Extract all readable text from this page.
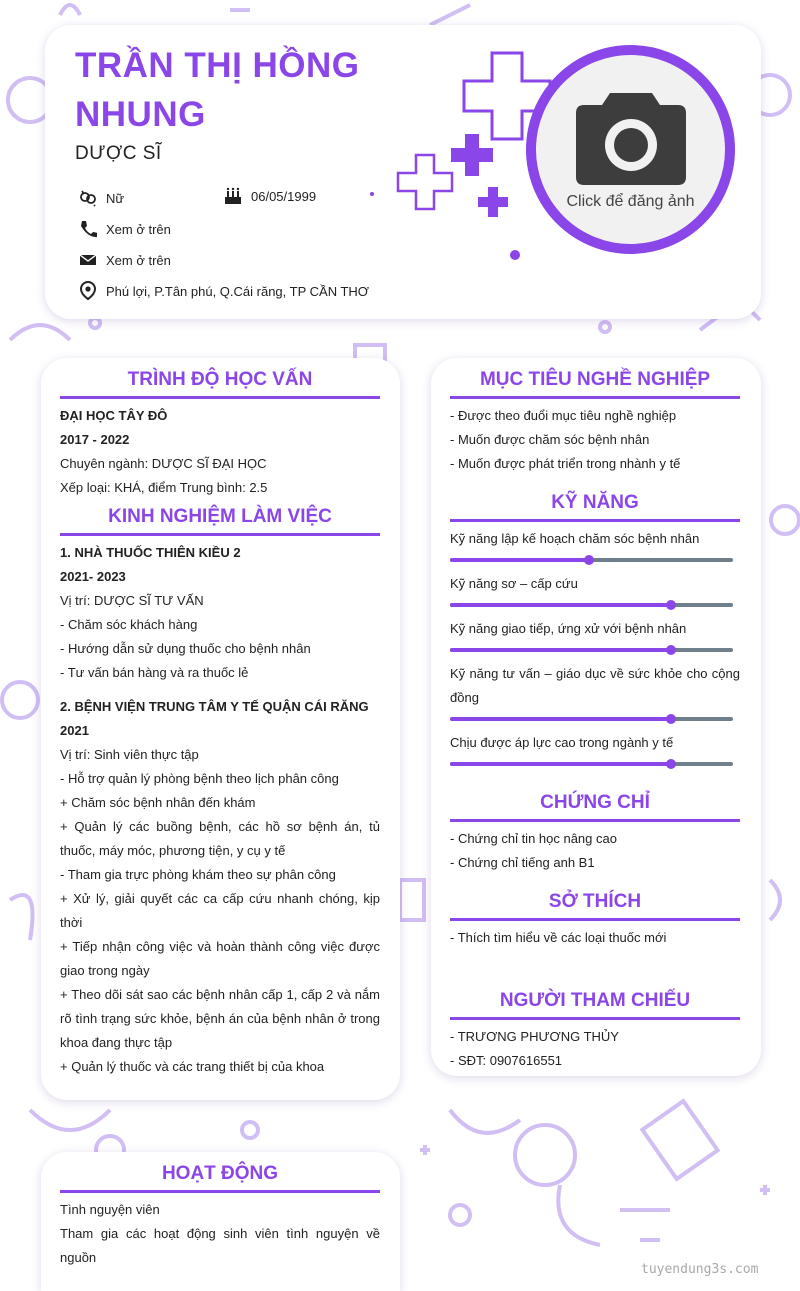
TRẦN THỊ HỒNG NHUNG
DƯỢC SĨ
Nữ	06/05/1999
Xem ở trên
Xem ở trên
Phú lợi, P.Tân phú, Q.Cái răng, TP CẦN THƠ
Click để đăng ảnh
TRÌNH ĐỘ HỌC VẤN
ĐẠI HỌC TÂY ĐÔ
2017 - 2022
Chuyên ngành: DƯỢC SĨ ĐẠI HỌC
Xếp loại: KHÁ, điểm Trung bình: 2.5
KINH NGHIỆM LÀM VIỆC
1. NHÀ THUỐC THIÊN KIỀU 2
2021- 2023
Vị trí: DƯỢC SĨ TƯ VẤN
- Chăm sóc khách hàng
- Hướng dẫn sử dụng thuốc cho bệnh nhân
- Tư vấn bán hàng và ra thuốc lẻ
2. BỆNH VIỆN TRUNG TÂM Y TẾ QUẬN CÁI RĂNG
2021
Vị trí: Sinh viên thực tập
- Hỗ trợ quản lý phòng bệnh theo lịch phân công
+ Chăm sóc bệnh nhân đến khám
+ Quản lý các buồng bệnh, các hồ sơ bệnh án, tủ thuốc, máy móc, phương tiện, y cụ y tế
- Tham gia trực phòng khám theo sự phân công
+ Xử lý, giải quyết các ca cấp cứu nhanh chóng, kịp thời
+ Tiếp nhận công việc và hoàn thành công việc được giao trong ngày
+ Theo dõi sát sao các bệnh nhân cấp 1, cấp 2 và nắm rõ tình trạng sức khỏe, bệnh án của bệnh nhân ở trong khoa đang thực tập
+ Quản lý thuốc và các trang thiết bị của khoa
MỤC TIÊU NGHỀ NGHIỆP
- Được theo đuổi mục tiêu nghề nghiệp
- Muốn được chăm sóc bệnh nhân
- Muốn được phát triển trong nhành y tế
KỸ NĂNG
Kỹ năng lập kế hoạch chăm sóc bệnh nhân
Kỹ năng sơ – cấp cứu
Kỹ năng giao tiếp, ứng xử với bệnh nhân
Kỹ năng tư vấn – giáo dục về sức khỏe cho cộng đồng
Chịu được áp lực cao trong ngành y tế
CHỨNG CHỈ
- Chứng chỉ tin học nâng cao
- Chứng chỉ tiếng anh B1
SỞ THÍCH
- Thích tìm hiểu về các loại thuốc mới
NGƯỜI THAM CHIẾU
- TRƯƠNG PHƯƠNG THỦY
- SĐT: 0907616551
HOẠT ĐỘNG
Tình nguyện viên
Tham gia các hoạt động sinh viên tình nguyện về nguồn
tuyendung3s.com
